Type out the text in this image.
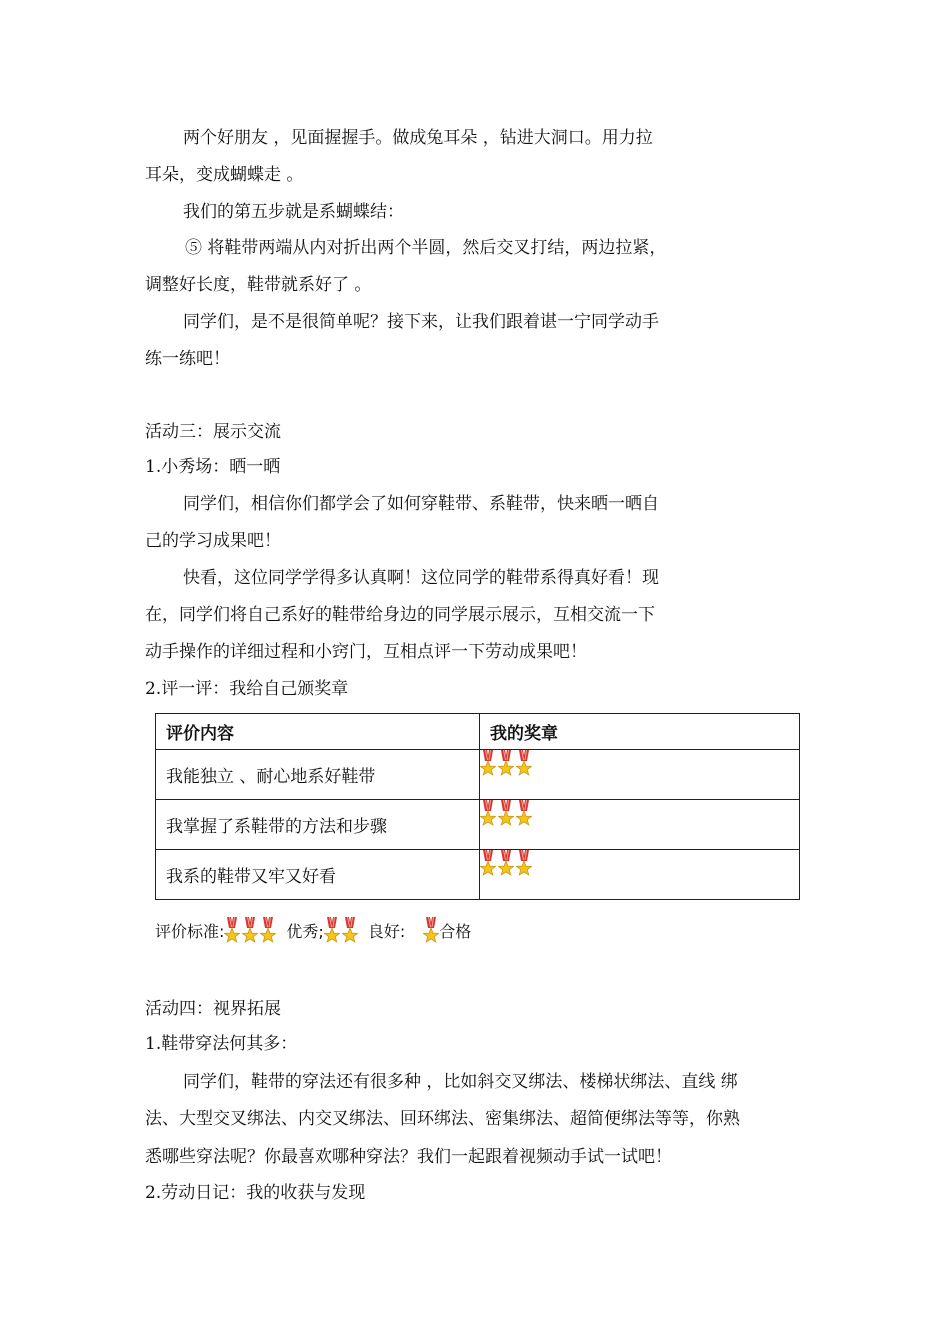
两个好朋友 ，见面握握手。做成兔耳朵 ，钻进大洞口。用力拉
耳朵，变成蝴蝶走 。
我们的第五步就是系蝴蝶结：
⑤ 将鞋带两端从内对折出两个半圆，然后交叉打结，两边拉紧，
调整好长度，鞋带就系好了 。
同学们，是不是很简单呢？接下来，让我们跟着谌一宁同学动手
练一练吧！
活动三：展示交流
1.小秀场：晒一晒
同学们，相信你们都学会了如何穿鞋带、系鞋带，快来晒一晒自
己的学习成果吧！
快看，这位同学学得多认真啊！这位同学的鞋带系得真好看！现
在，同学们将自己系好的鞋带给身边的同学展示展示，互相交流一下
动手操作的详细过程和小窍门，互相点评一下劳动成果吧！
2.评一评：我给自己颁奖章
评价内容	我的奖章
我能独立 、耐心地系好鞋带	

我掌握了系鞋带的方法和步骤	

我系的鞋带又牢又好看	
评价标准:	优秀;	良好: 合格
活动四：视界拓展
1.鞋带穿法何其多：
同学们，鞋带的穿法还有很多种 ，比如斜交叉绑法、楼梯状绑法、直线 绑
法、大型交叉绑法、内交叉绑法、回环绑法、密集绑法、超简便绑法等等，你熟
悉哪些穿法呢？你最喜欢哪种穿法？我们一起跟着视频动手试一试吧！
2.劳动日记：我的收获与发现
